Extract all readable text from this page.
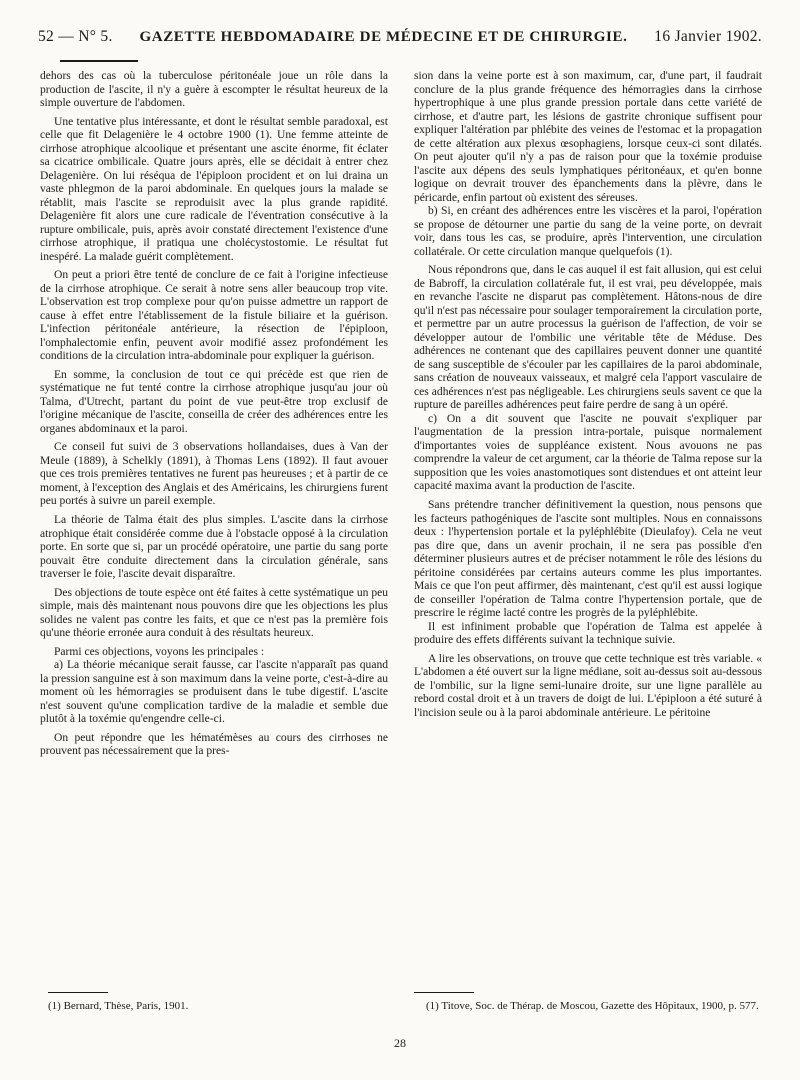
52 — N° 5. GAZETTE HEBDOMADAIRE DE MÉDECINE ET DE CHIRURGIE. 16 Janvier 1902.

dehors des cas où la tuberculose péritonéale joue un rôle dans la production de l'ascite, il n'y a guère à escompter le résultat heureux de la simple ouverture de l'abdomen.

Une tentative plus intéressante, et dont le résultat semble paradoxal, est celle que fit Delagenière le 4 octobre 1900 (1). Une femme atteinte de cirrhose atrophique alcoolique et présentant une ascite énorme, fit éclater sa cicatrice ombilicale. Quatre jours après, elle se décidait à entrer chez Delagenière. On lui réséqua de l'épiploon procident et on lui draina un vaste phlegmon de la paroi abdominale. En quelques jours la malade se rétablit, mais l'ascite se reproduisit avec la plus grande rapidité. Delagenière fit alors une cure radicale de l'éventration consécutive à la rupture ombilicale, puis, après avoir constaté directement l'existence d'une cirrhose atrophique, il pratiqua une cholécystostomie. Le résultat fut inespéré. La malade guérit complètement.

On peut a priori être tenté de conclure de ce fait à l'origine infectieuse de la cirrhose atrophique. Ce serait à notre sens aller beaucoup trop vite. L'observation est trop complexe pour qu'on puisse admettre un rapport de cause à effet entre l'établissement de la fistule biliaire et la guérison. L'infection péritonéale antérieure, la résection de l'épiploon, l'omphalectomie enfin, peuvent avoir modifié assez profondément les conditions de la circulation intra-abdominale pour expliquer la guérison.

En somme, la conclusion de tout ce qui précède est que rien de systématique ne fut tenté contre la cirrhose atrophique jusqu'au jour où Talma, d'Utrecht, partant du point de vue peut-être trop exclusif de l'origine mécanique de l'ascite, conseilla de créer des adhérences entre les organes abdominaux et la paroi.

Ce conseil fut suivi de 3 observations hollandaises, dues à Van der Meule (1889), à Schelkly (1891), à Thomas Lens (1892). Il faut avouer que ces trois premières tentatives ne furent pas heureuses ; et à partir de ce moment, à l'exception des Anglais et des Américains, les chirurgiens furent peu portés à suivre un pareil exemple.

La théorie de Talma était des plus simples. L'ascite dans la cirrhose atrophique était considérée comme due à l'obstacle opposé à la circulation porte. En sorte que si, par un procédé opératoire, une partie du sang porte pouvait être conduite directement dans la circulation générale, sans traverser le foie, l'ascite devait disparaître.

Des objections de toute espèce ont été faites à cette systématique un peu simple, mais dès maintenant nous pouvons dire que les objections les plus solides ne valent pas contre les faits, et que ce n'est pas la première fois qu'une théorie erronée aura conduit à des résultats heureux.

Parmi ces objections, voyons les principales :

a) La théorie mécanique serait fausse, car l'ascite n'apparaît pas quand la pression sanguine est à son maximum dans la veine porte, c'est-à-dire au moment où les hémorragies se produisent dans le tube digestif. L'ascite n'est souvent qu'une complication tardive de la maladie et semble due plutôt à la toxémie qu'engendre celle-ci.

On peut répondre que les hématémèses au cours des cirrhoses ne prouvent pas nécessairement que la pres-

sion dans la veine porte est à son maximum, car, d'une part, il faudrait conclure de la plus grande fréquence des hémorragies dans la cirrhose hypertrophique à une plus grande pression portale dans cette variété de cirrhose, et d'autre part, les lésions de gastrite chronique suffisent pour expliquer l'altération par phlébite des veines de l'estomac et la propagation de cette altération aux plexus œsophagiens, lorsque ceux-ci sont dilatés. On peut ajouter qu'il n'y a pas de raison pour que la toxémie produise l'ascite aux dépens des seuls lymphatiques péritonéaux, et qu'en bonne logique on devrait trouver des épanchements dans la plèvre, dans le péricarde, enfin partout où existent des séreuses.

b) Si, en créant des adhérences entre les viscères et la paroi, l'opération se propose de détourner une partie du sang de la veine porte, on devrait voir, dans tous les cas, se produire, après l'intervention, une circulation collatérale. Or cette circulation manque quelquefois (1).

Nous répondrons que, dans le cas auquel il est fait allusion, qui est celui de Babroff, la circulation collatérale fut, il est vrai, peu développée, mais en revanche l'ascite ne disparut pas complètement. Hâtons-nous de dire qu'il n'est pas nécessaire pour soulager temporairement la circulation porte, et permettre par un autre processus la guérison de l'affection, de voir se développer autour de l'ombilic une véritable tête de Méduse. Des adhérences ne contenant que des capillaires peuvent donner une quantité de sang susceptible de s'écouler par les capillaires de la paroi abdominale, sans création de nouveaux vaisseaux, et malgré cela l'apport vasculaire de ces adhérences n'est pas négligeable. Les chirurgiens seuls savent ce que la rupture de pareilles adhérences peut faire perdre de sang à un opéré.

c) On a dit souvent que l'ascite ne pouvait s'expliquer par l'augmentation de la pression intra-portale, puisque normalement d'importantes voies de suppléance existent. Nous avouons ne pas comprendre la valeur de cet argument, car la théorie de Talma repose sur la supposition que les voies anastomotiques sont distendues et ont atteint leur capacité maxima avant la production de l'ascite.

Sans prétendre trancher définitivement la question, nous pensons que les facteurs pathogéniques de l'ascite sont multiples. Nous en connaissons deux : l'hypertension portale et la pyléphlébite (Dieulafoy). Cela ne veut pas dire que, dans un avenir prochain, il ne sera pas possible d'en déterminer plusieurs autres et de préciser notamment le rôle des lésions du péritoine considérées par certains auteurs comme les plus importantes. Mais ce que l'on peut affirmer, dès maintenant, c'est qu'il est aussi logique de conseiller l'opération de Talma contre l'hypertension portale, que de prescrire le régime lacté contre les progrès de la pyléphlébite.

Il est infiniment probable que l'opération de Talma est appelée à produire des effets différents suivant la technique suivie.

A lire les observations, on trouve que cette technique est très variable. « L'abdomen a été ouvert sur la ligne médiane, soit au-dessus soit au-dessous de l'ombilic, sur la ligne semi-lunaire droite, sur une ligne parallèle au rebord costal droit et à un travers de doigt de lui. L'épiploon a été suturé à l'incision seule ou à la paroi abdominale antérieure. Le péritoine

(1) Bernard, Thèse, Paris, 1901.	(1) Titove, Soc. de Thérap. de Moscou, Gazette des Hôpitaux, 1900, p. 577.
28
